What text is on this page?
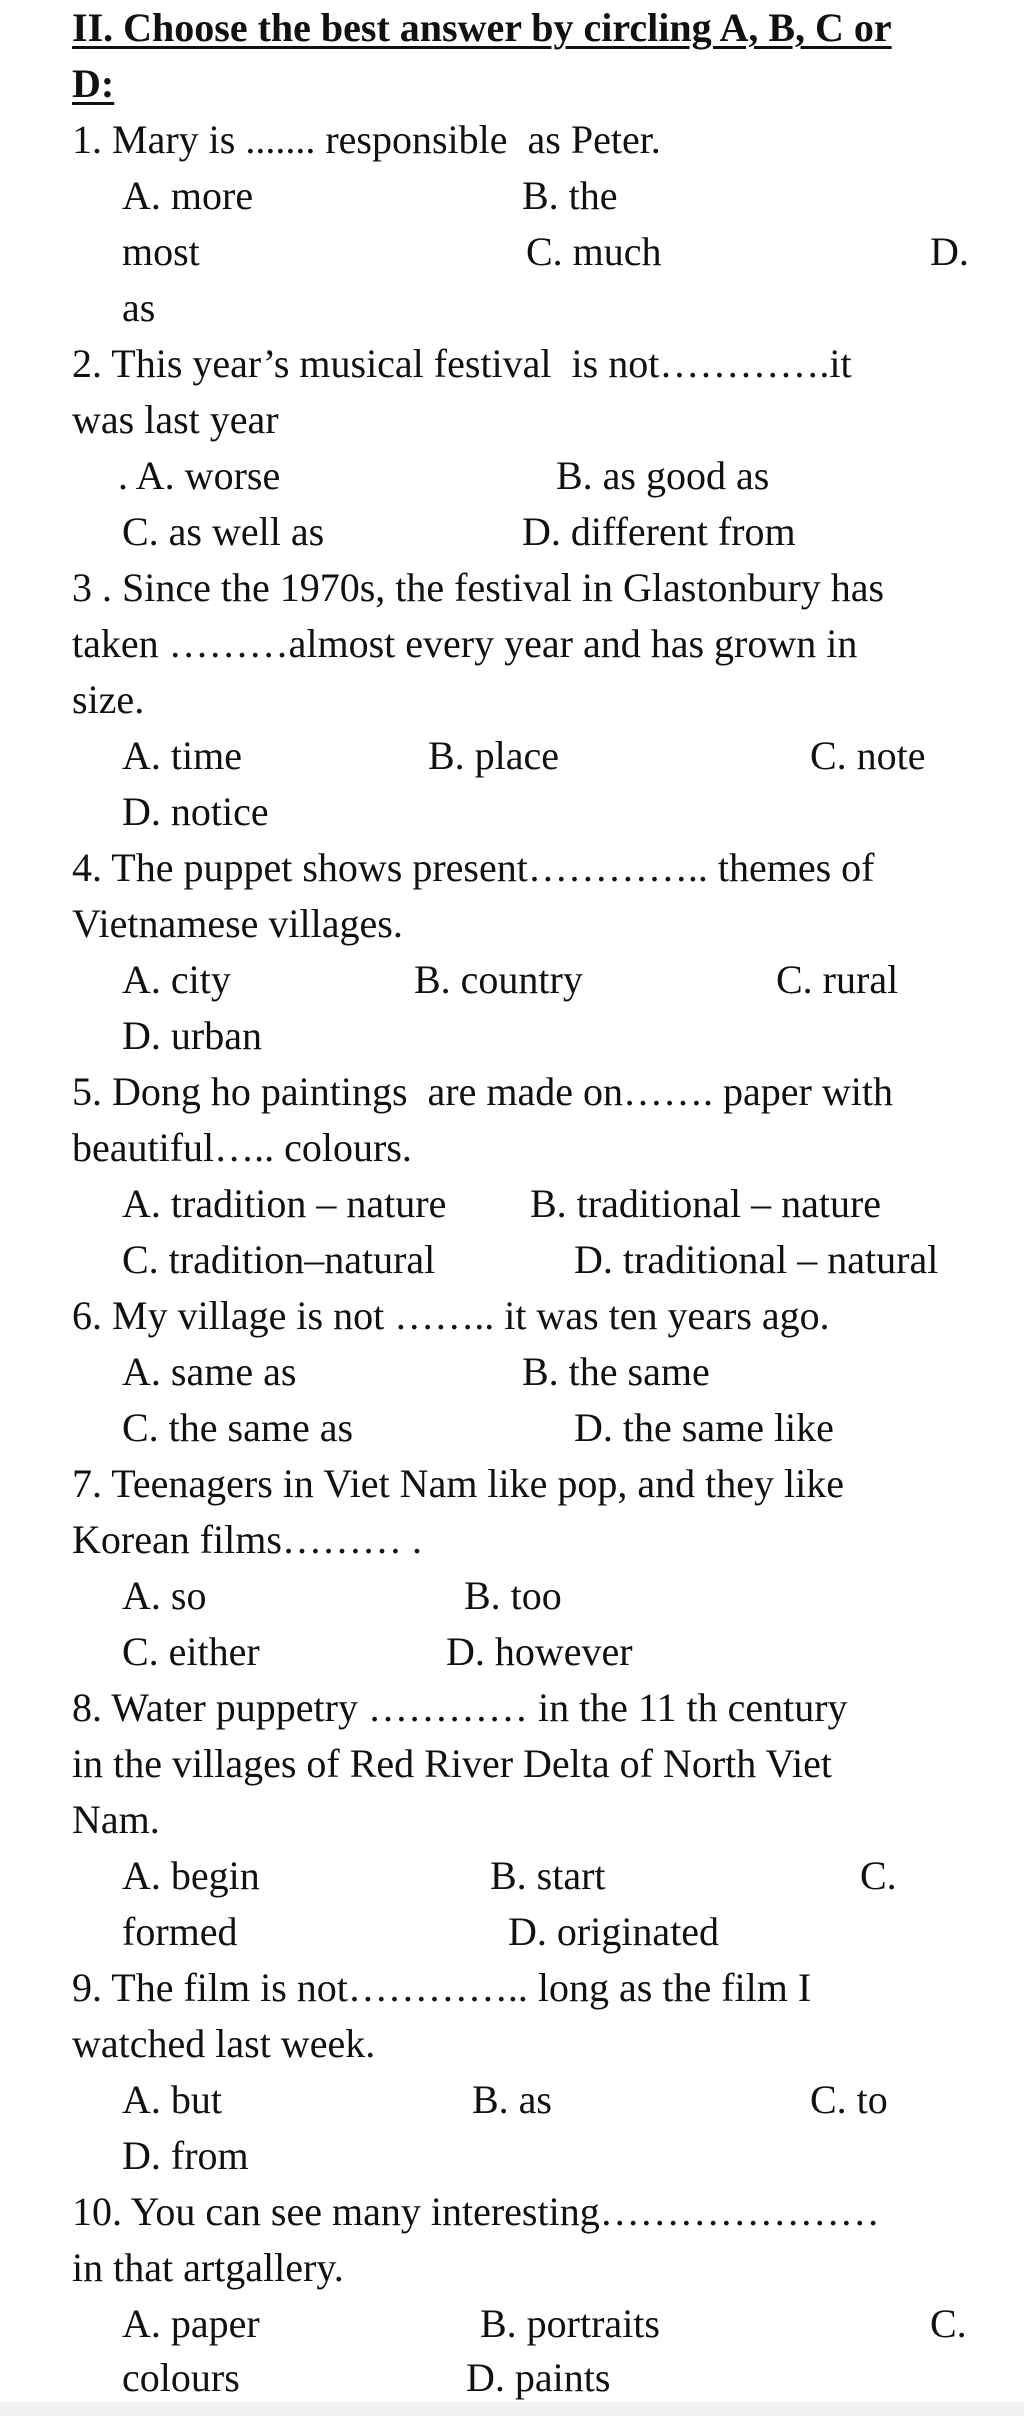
II. Choose the best answer by circling A, B, C or
D:
1. Mary is ....... responsible  as Peter.
A. more	B. the
most	C. much	D.
as
2. This year’s musical festival  is not………….it
was last year
. A. worse	B. as good as
C. as well as	D. different from
3 . Since the 1970s, the festival in Glastonbury has
taken ………almost every year and has grown in
size.
A. time	B. place	C. note
D. notice
4. The puppet shows present………….. themes of
Vietnamese villages.
A. city	B. country	C. rural
D. urban
5. Dong ho paintings  are made on……. paper with
beautiful….. colours.
A. tradition – nature B. traditional – nature
C. tradition–natural	D. traditional – natural
6. My village is not …….. it was ten years ago.
A. same as	B. the same
C. the same as	D. the same like
7. Teenagers in Viet Nam like pop, and they like
Korean films……… .
A. so	B. too
C. either	D. however
8. Water puppetry ………… in the 11 th century
in the villages of Red River Delta of North Viet
Nam.
A. begin	B. start	C.
formed	D. originated
9. The film is not………….. long as the film I
watched last week.
A. but	B. as	C. to
D. from
10. You can see many interesting…………………
in that artgallery.
A. paper	B. portraits	C.
colours	D. paints
